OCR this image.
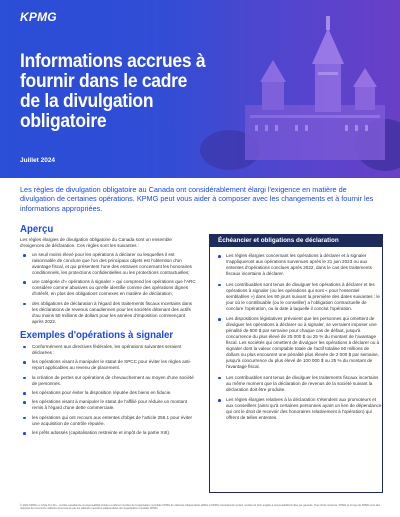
KPMG
Informations accrues à fournir dans le cadre de la divulgation obligatoire
Juillet 2024

Les règles de divulgation obligatoire au Canada ont considérablement élargi l'exigence en matière de divulgation de certaines opérations. KPMG peut vous aider à composer avec les changements et à fournir les informations appropriées.

Aperçu

Les règles élargies de divulgation obligatoire du Canada sont un ensemble d'exigences de déclaration. Ces règles sont les suivantes :

un seuil moins élevé pour les opérations à déclarer ou lesquelles il est raisonnable de conclure que l'un des principaux objets est l'obtention d'un avantage fiscal, et qui présentent l'une des entraves concernant les honoraires conditionnels, les protections confidentielles ou les protections contractuelles;
une catégorie d'« opérations à signaler » qui comprend les opérations que l'ARC considère comme abusives ou qu'elle identifie comme des opérations dignes d'intérêt, en plus des obligations connexes en matière de déclaration;
des obligations de déclaration à l'égard des traitements fiscaux incertains dans les déclarations de revenus canadiennes pour les sociétés détenant des actifs d'au moins 50 millions de dollars pour les années d'imposition commençant après 2022.
Exemples d'opérations à signaler
Conformément aux directives fédérales, les opérations suivantes seraient déclarées :
les opérations visant à manipuler le statut de SPCC pour éviter les règles anti-report applicables au revenu de placement.
la création de pertes sur opérations de chevauchement au moyen d'une société de personnes.
les opérations pour éviter la disposition réputée des biens en fiducie.
les opérations visant à manipuler le statut de l'affilié pour réduire un montant remis à l'égard d'une dette commerciale.
les opérations qui ont recours aux ententes d'objet de l'article 256.1 pour éviter une acquisition de contrôle réputée.
les prêts adossés (capitalisation restreinte et impôt de la partie XIII).
Échéancier et obligations de déclaration
Les règles élargies concernant les opérations à déclarer et à signaler s'appliqueront aux opérations survenues après le 21 juin 2023 ou aux ententes d'opérations conclues après 2022, dans le cas des traitements fiscaux incertains à déclarer.
Les contribuables sont tenus de divulguer les opérations à déclarer et les opérations à signaler (ou les opérations qui sont « pour l'essentiel semblables ») dans les 90 jours suivant la première des dates suivantes : le jour où le contribuable (ou le conseiller) a l'obligation contractuelle de conclure l'opération, ou la date à laquelle il conclut l'opération.
Les dispositions législatives prévoient que les personnes qui omettent de divulguer les opérations à déclarer ou à signaler, se verraient imposer une pénalité de 500 $ par semaine pour chaque cas de défaut, jusqu'à concurrence du plus élevé de 25 000 $ ou 25 % du montant de l'avantage fiscal. Les sociétés qui omettent de divulguer les opérations à déclarer ou à signaler dont la valeur comptable totale de l'actif totalise 50 millions de dollars ou plus encourent une pénalité plus élevée de 2 000 $ par semaine, jusqu'à concurrence du plus élevé de 100 000 $ ou 25 % du montant de l'avantage fiscal.
Les contribuables sont tenus de divulguer les traitements fiscaux incertains au même moment que la déclaration de revenus de la société suivant la déclaration doit être produite.
Les règles élargies relatives à la déclaration s'étendent aux promoteurs et aux conseillers (ainsi qu'à certaines personnes ayant un lien de dépendance qui ont le droit de recevoir des honoraires relativement à l'opération) qui offrent de telles ententes.

© 2024 KPMG s.r.l./S.E.N.C.R.L., société canadienne à responsabilité limitée et cabinet membre de l'organisation mondiale KPMG de cabinets indépendants affiliés à KPMG International Limited, société de droit anglais à responsabilité limitée par garantie. Tous droits réservés. KPMG et le logo de KPMG sont des marques de commerce utilisées sous licence par les cabinets membres indépendants de l'organisation mondiale KPMG.
